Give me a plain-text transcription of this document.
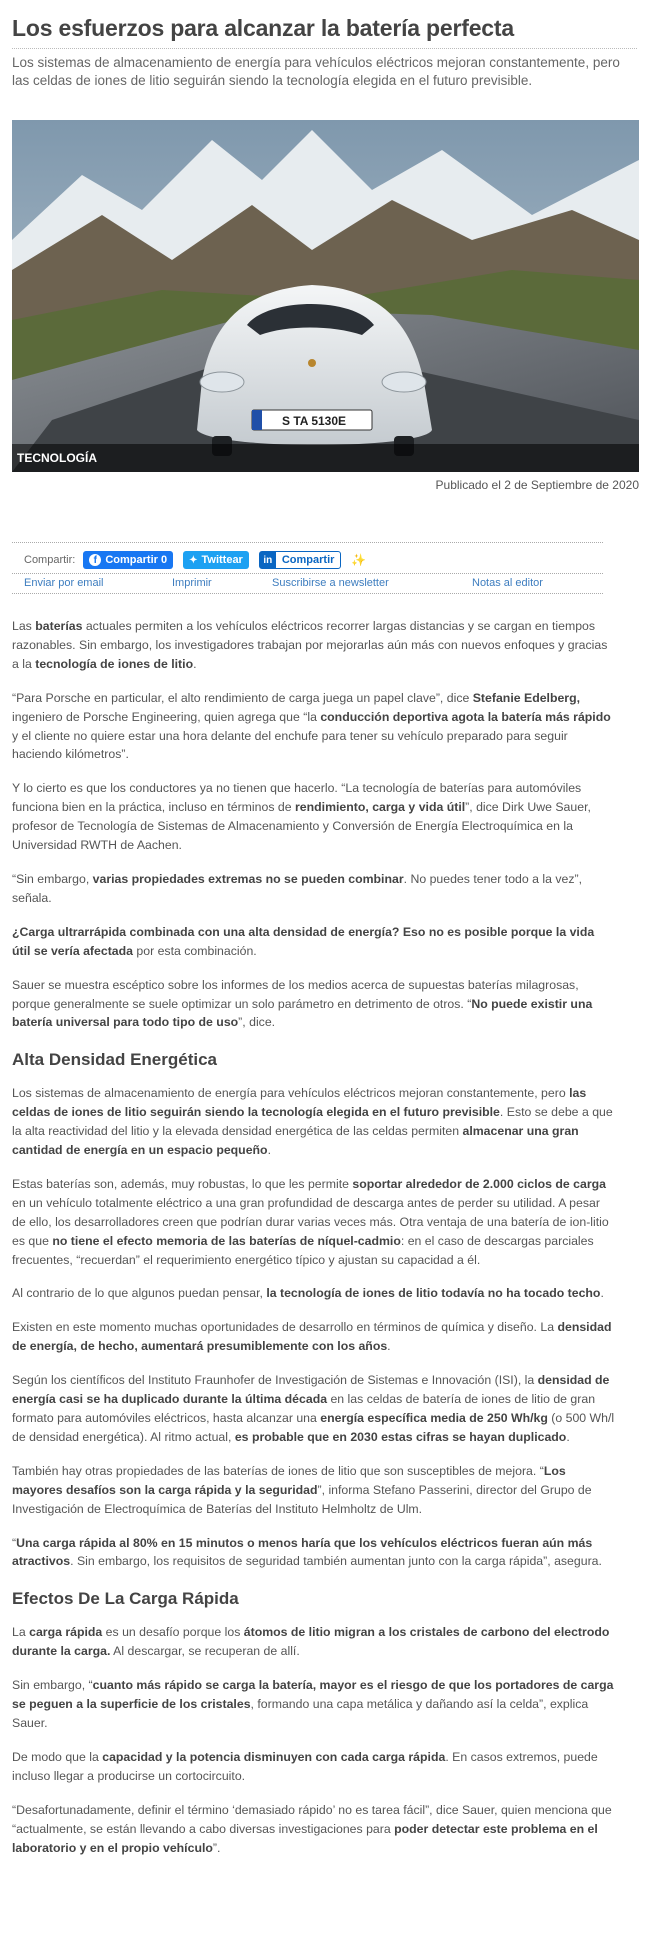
Los esfuerzos para alcanzar la batería perfecta

Los sistemas de almacenamiento de energía para vehículos eléctricos mejoran constantemente, pero las celdas de iones de litio seguirán siendo la tecnología elegida en el futuro previsible.

S TA 5130E
TECNOLOGÍA
Publicado el 2 de Septiembre de 2020
Compartir:	f Compartir 0 ✦ Twittear	in Compartir ✨
Enviar por email	Imprimir	Suscribirse a newsletter	Notas al editor

Las baterías actuales permiten a los vehículos eléctricos recorrer largas distancias y se cargan en tiempos razonables. Sin embargo, los investigadores trabajan por mejorarlas aún más con nuevos enfoques y gracias a la tecnología de iones de litio.

“Para Porsche en particular, el alto rendimiento de carga juega un papel clave”, dice Stefanie Edelberg, ingeniero de Porsche Engineering, quien agrega que “la conducción deportiva agota la batería más rápido y el cliente no quiere estar una hora delante del enchufe para tener su vehículo preparado para seguir haciendo kilómetros”.

Y lo cierto es que los conductores ya no tienen que hacerlo. “La tecnología de baterías para automóviles funciona bien en la práctica, incluso en términos de rendimiento, carga y vida útil”, dice Dirk Uwe Sauer, profesor de Tecnología de Sistemas de Almacenamiento y Conversión de Energía Electroquímica en la Universidad RWTH de Aachen.

“Sin embargo, varias propiedades extremas no se pueden combinar. No puedes tener todo a la vez”, señala.

¿Carga ultrarrápida combinada con una alta densidad de energía? Eso no es posible porque la vida útil se vería afectada por esta combinación.

Sauer se muestra escéptico sobre los informes de los medios acerca de supuestas baterías milagrosas, porque generalmente se suele optimizar un solo parámetro en detrimento de otros. “No puede existir una batería universal para todo tipo de uso”, dice.

Alta Densidad Energética

Los sistemas de almacenamiento de energía para vehículos eléctricos mejoran constantemente, pero las celdas de iones de litio seguirán siendo la tecnología elegida en el futuro previsible. Esto se debe a que la alta reactividad del litio y la elevada densidad energética de las celdas permiten almacenar una gran cantidad de energía en un espacio pequeño.

Estas baterías son, además, muy robustas, lo que les permite soportar alrededor de 2.000 ciclos de carga en un vehículo totalmente eléctrico a una gran profundidad de descarga antes de perder su utilidad. A pesar de ello, los desarrolladores creen que podrían durar varias veces más. Otra ventaja de una batería de ion-litio es que no tiene el efecto memoria de las baterías de níquel-cadmio: en el caso de descargas parciales frecuentes, “recuerdan” el requerimiento energético típico y ajustan su capacidad a él.

Al contrario de lo que algunos puedan pensar, la tecnología de iones de litio todavía no ha tocado techo.

Existen en este momento muchas oportunidades de desarrollo en términos de química y diseño. La densidad de energía, de hecho, aumentará presumiblemente con los años.

Según los científicos del Instituto Fraunhofer de Investigación de Sistemas e Innovación (ISI), la densidad de energía casi se ha duplicado durante la última década en las celdas de batería de iones de litio de gran formato para automóviles eléctricos, hasta alcanzar una energía específica media de 250 Wh/kg (o 500 Wh/l de densidad energética). Al ritmo actual, es probable que en 2030 estas cifras se hayan duplicado.

También hay otras propiedades de las baterías de iones de litio que son susceptibles de mejora. “Los mayores desafíos son la carga rápida y la seguridad”, informa Stefano Passerini, director del Grupo de Investigación de Electroquímica de Baterías del Instituto Helmholtz de Ulm.

“Una carga rápida al 80% en 15 minutos o menos haría que los vehículos eléctricos fueran aún más atractivos. Sin embargo, los requisitos de seguridad también aumentan junto con la carga rápida”, asegura.

Efectos De La Carga Rápida

La carga rápida es un desafío porque los átomos de litio migran a los cristales de carbono del electrodo durante la carga. Al descargar, se recuperan de allí.

Sin embargo, “cuanto más rápido se carga la batería, mayor es el riesgo de que los portadores de carga se peguen a la superficie de los cristales, formando una capa metálica y dañando así la celda”, explica Sauer.

De modo que la capacidad y la potencia disminuyen con cada carga rápida. En casos extremos, puede incluso llegar a producirse un cortocircuito.

“Desafortunadamente, definir el término ‘demasiado rápido’ no es tarea fácil”, dice Sauer, quien menciona que “actualmente, se están llevando a cabo diversas investigaciones para poder detectar este problema en el laboratorio y en el propio vehículo”.
